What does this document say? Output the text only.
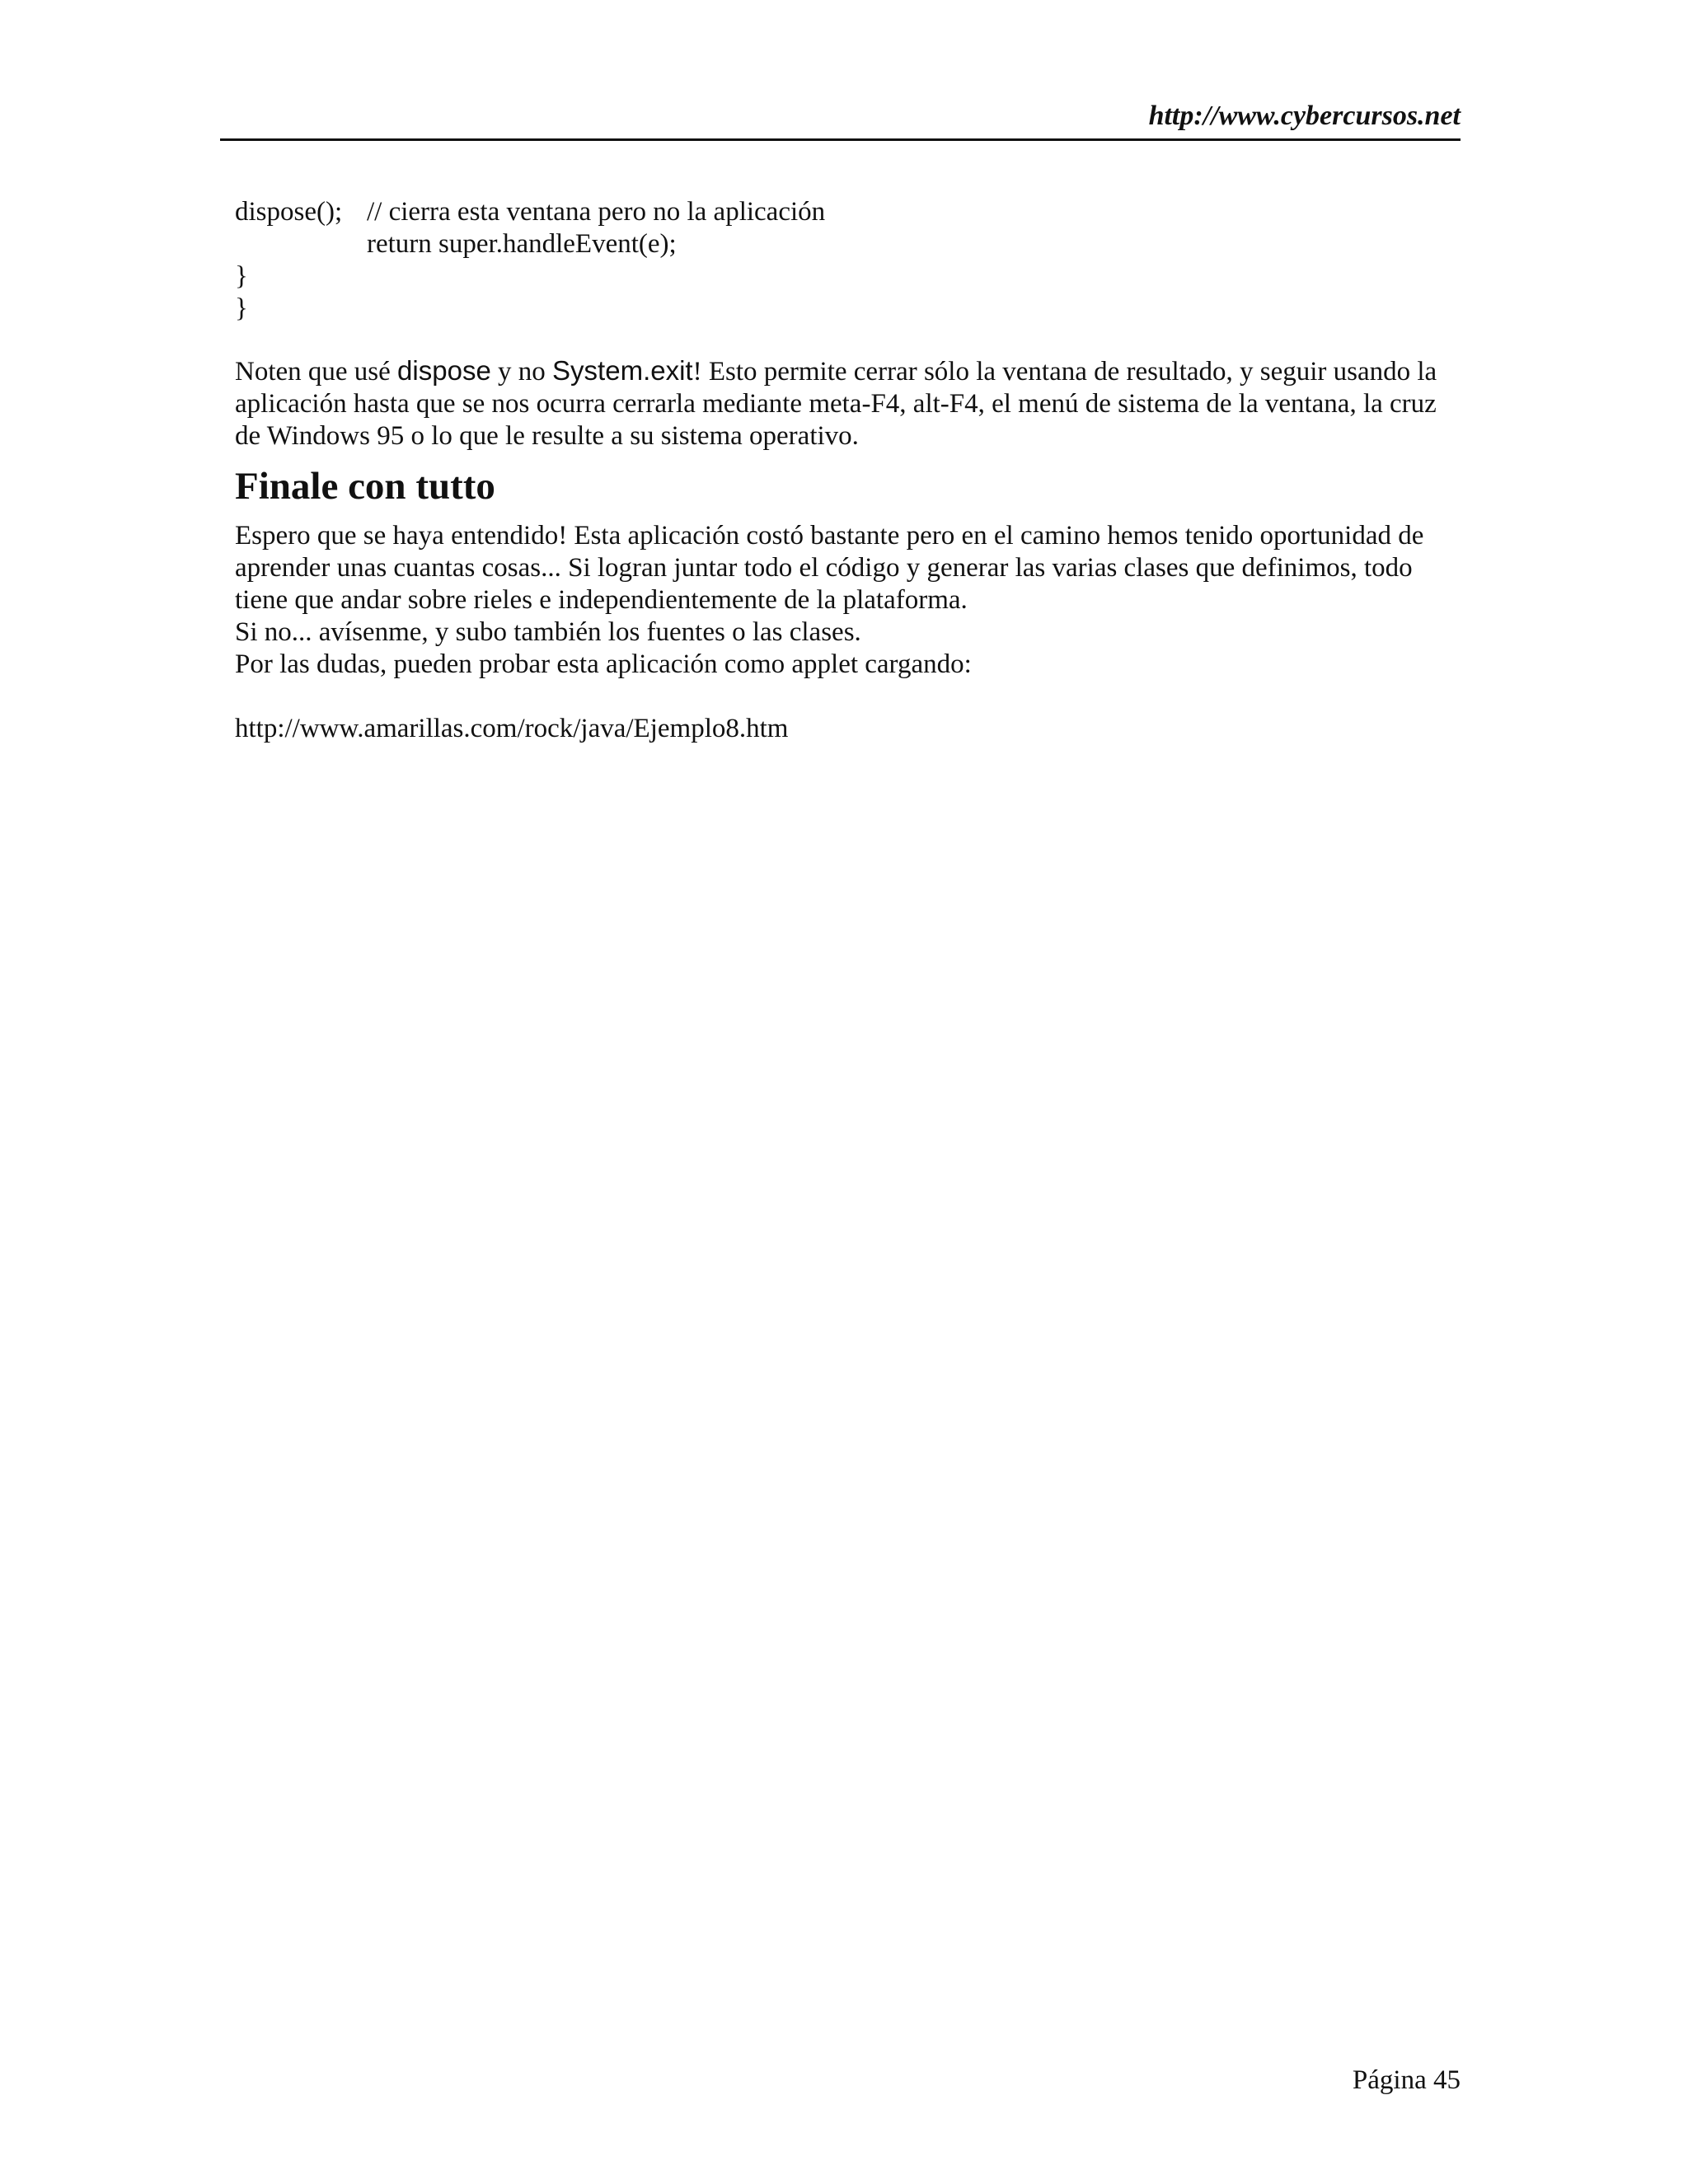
http://www.cybercursos.net
dispose(); // cierra esta ventana pero no la aplicación
return super.handleEvent(e);
}
}

Noten que usé dispose y no System.exit! Esto permite cerrar sólo la ventana de resultado, y seguir usando la aplicación hasta que se nos ocurra cerrarla mediante meta-F4, alt-F4, el menú de sistema de la ventana, la cruz de Windows 95 o lo que le resulte a su sistema operativo.

Finale con tutto

Espero que se haya entendido! Esta aplicación costó bastante pero en el camino hemos tenido oportunidad de aprender unas cuantas cosas... Si logran juntar todo el código y generar las varias clases que definimos, todo tiene que andar sobre rieles e independientemente de la plataforma.

Si no... avísenme, y subo también los fuentes o las clases.

Por las dudas, pueden probar esta aplicación como applet cargando:

http://www.amarillas.com/rock/java/Ejemplo8.htm

Página 45
